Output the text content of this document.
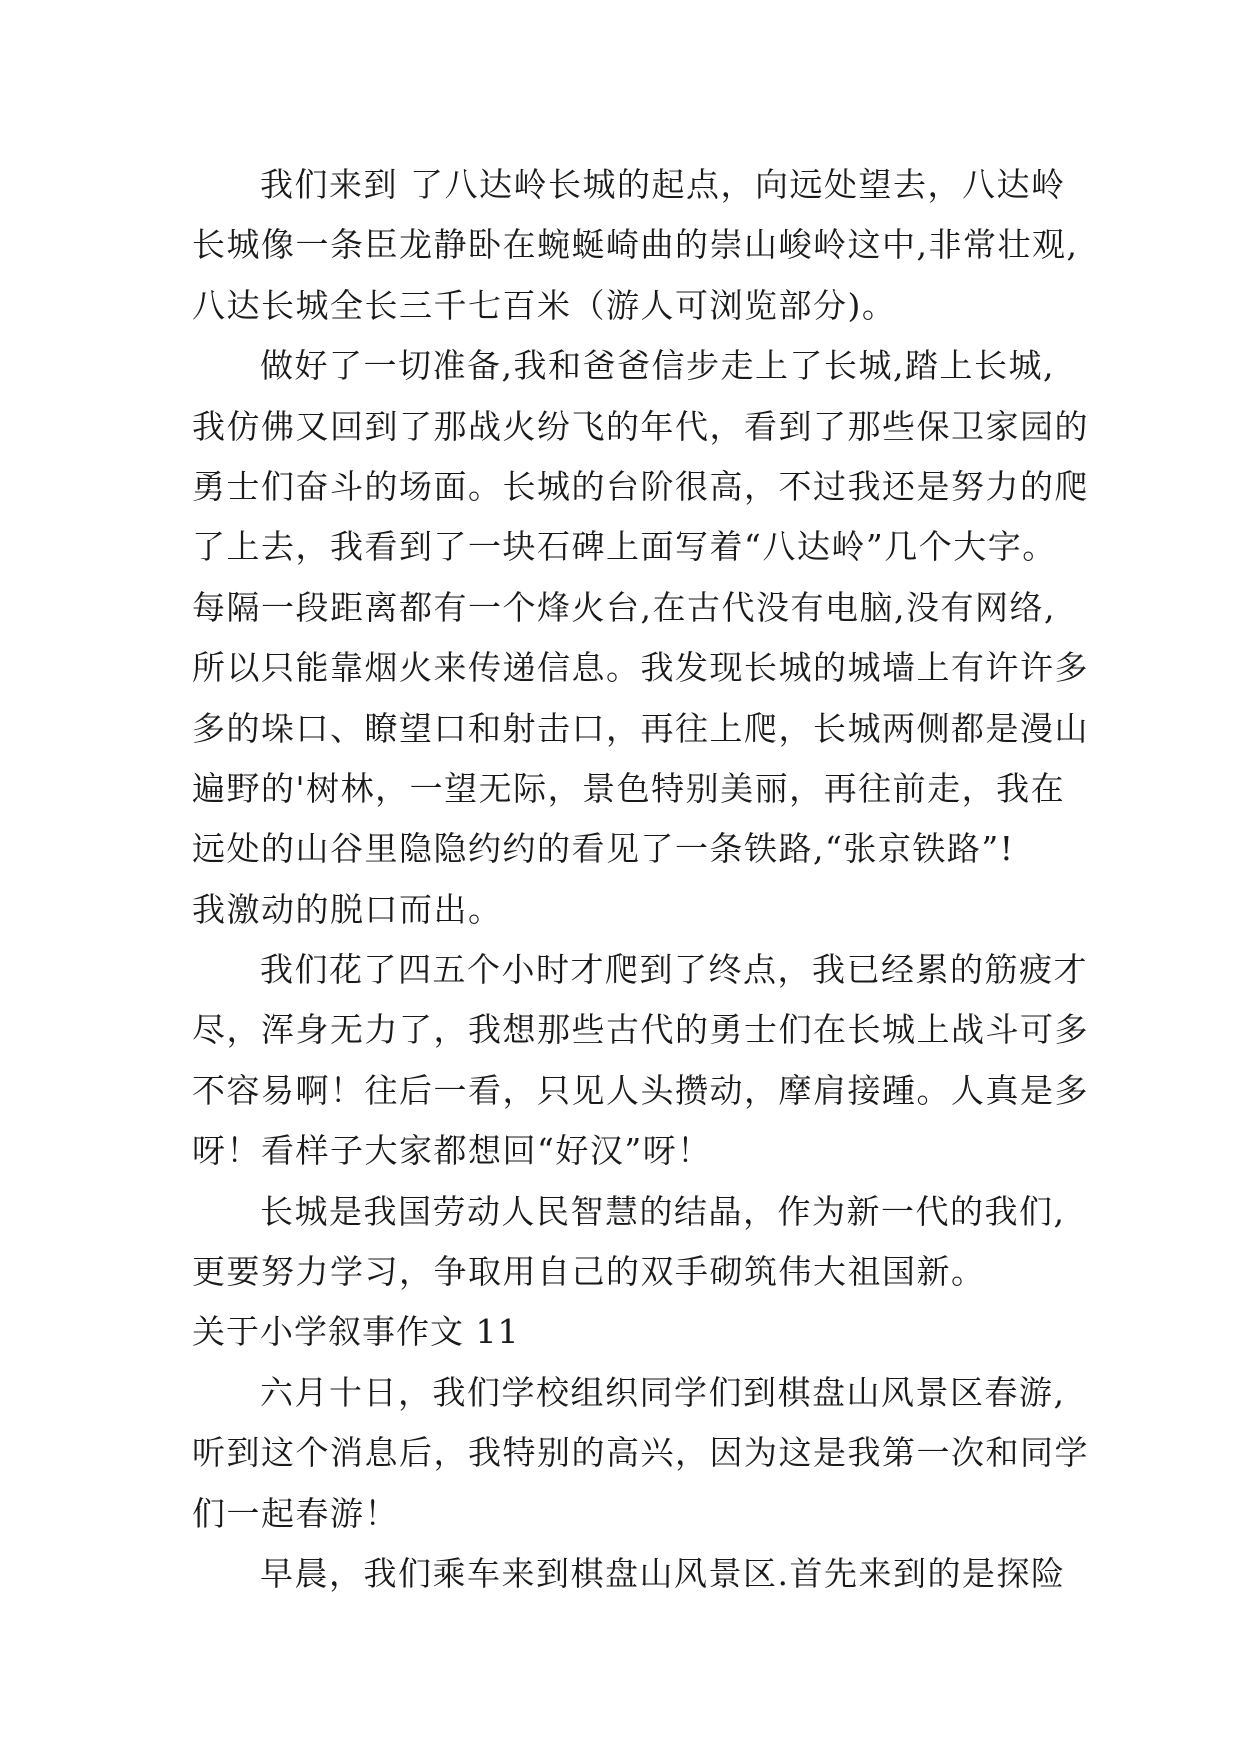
我们来到 了八达岭长城的起点，向远处望去，八达岭
长城像一条臣龙静卧在蜿蜒崎曲的崇山峻岭这中,非常壮观,
八达长城全长三千七百米（游人可浏览部分)。
做好了一切准备,我和爸爸信步走上了长城,踏上长城,
我仿佛又回到了那战火纷飞的年代，看到了那些保卫家园的
勇士们奋斗的场面。长城的台阶很高，不过我还是努力的爬
了上去，我看到了一块石碑上面写着“八达岭”几个大字。
每隔一段距离都有一个烽火台,在古代没有电脑,没有网络,
所以只能靠烟火来传递信息。我发现长城的城墙上有许许多
多的垛口、瞭望口和射击口，再往上爬，长城两侧都是漫山
遍野的'树林，一望无际，景色特别美丽，再往前走，我在
远处的山谷里隐隐约约的看见了一条铁路,“张京铁路”!
我激动的脱口而出。
我们花了四五个小时才爬到了终点，我已经累的筋疲才
尽，浑身无力了，我想那些古代的勇士们在长城上战斗可多
不容易啊！往后一看，只见人头攒动，摩肩接踵。人真是多
呀！看样子大家都想回“好汉”呀！
长城是我国劳动人民智慧的结晶，作为新一代的我们,
更要努力学习，争取用自己的双手砌筑伟大祖国新。
关于小学叙事作文 11
六月十日，我们学校组织同学们到棋盘山风景区春游,
听到这个消息后，我特别的高兴，因为这是我第一次和同学
们一起春游！
早晨，我们乘车来到棋盘山风景区.首先来到的是探险
